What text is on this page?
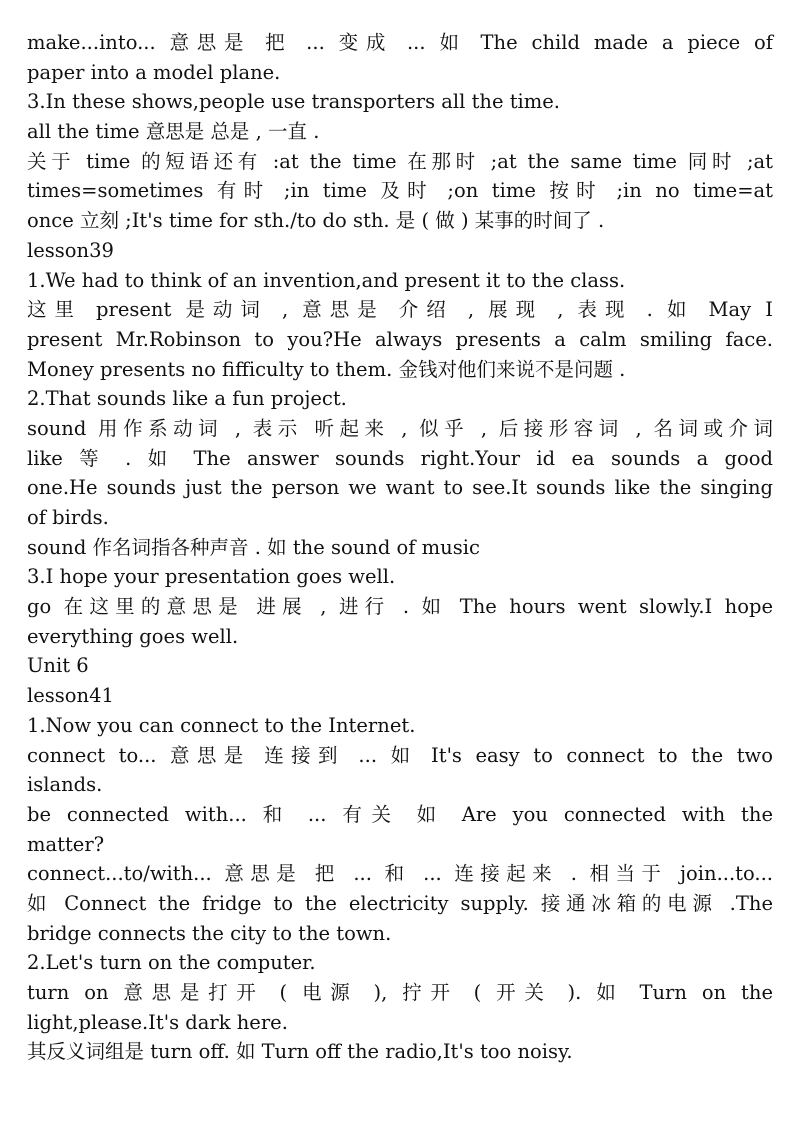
make...into... 意思是 把 ... 变成 ... 如 The child made a piece of
paper into a model plane.
3.In these shows,people use transporters all the time.
all the time 意思是 总是 , 一直 .
关于 time 的短语还有 :at the time 在那时 ;at the same time 同时 ;at
times=sometimes 有时 ;in time 及时 ;on time 按时 ;in no time=at
once 立刻 ;It's time for sth./to do sth. 是 ( 做 ) 某事的时间了 .
lesson39
1.We had to think of an invention,and present it to the class.
这里 present 是动词 , 意思是 介绍 , 展现 , 表现 . 如 May I
present Mr.Robinson to you?He always presents a calm smiling face.
Money presents no fifficulty to them. 金钱对他们来说不是问题 .
2.That sounds like a fun project.
sound 用作系动词 , 表示 听起来 , 似乎 , 后接形容词 , 名词或介词
like 等 . 如 The answer sounds right.Your id ea sounds a good
one.He sounds just the person we want to see.It sounds like the singing
of birds.
sound 作名词指各种声音 . 如 the sound of music
3.I hope your presentation goes well.
go 在这里的意思是 进展 , 进行 . 如 The hours went slowly.I hope
everything goes well.
Unit 6
lesson41
1.Now you can connect to the Internet.
connect to... 意思是 连接到 ... 如 It's easy to connect to the two
islands.
be connected with... 和 ... 有关 如 Are you connected with the
matter?
connect...to/with... 意思是 把 ... 和 ... 连接起来 . 相当于 join...to...
如 Connect the fridge to the electricity supply. 接通冰箱的电源 .The
bridge connects the city to the town.
2.Let's turn on the computer.
turn on 意思是打开 ( 电源 ), 拧开 ( 开关 ). 如 Turn on the
light,please.It's dark here.
其反义词组是 turn off. 如 Turn off the radio,It's too noisy.
